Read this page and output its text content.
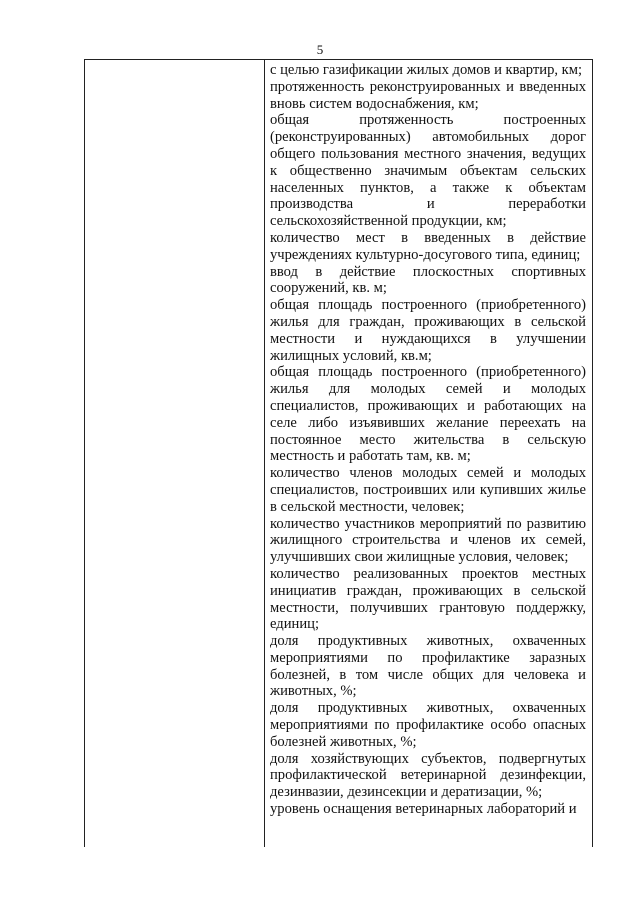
5

с целью газификации жилых домов и квартир, км;

протяженность реконструированных и введенных вновь систем водоснабжения, км;

общая протяженность построенных (реконструированных) автомобильных дорог общего пользования местного значения, ведущих к общественно значимым объектам сельских населенных пунктов, а также к объектам производства и переработки сельскохозяйственной продукции, км;

количество мест в введенных в действие учреждениях культурно-досугового типа, единиц;

ввод в действие плоскостных спортивных сооружений, кв. м;

общая площадь построенного (приобретенного) жилья для граждан, проживающих в сельской местности и нуждающихся в улучшении жилищных условий, кв.м;

общая площадь построенного (приобретенного) жилья для молодых семей и молодых специалистов, проживающих и работающих на селе либо изъявивших желание переехать на постоянное место жительства в сельскую местность и работать там, кв. м;

количество членов молодых семей и молодых специалистов, построивших или купивших жилье в сельской местности, человек;

количество участников мероприятий по развитию жилищного строительства и членов их семей, улучшивших свои жилищные условия, человек;

количество реализованных проектов местных инициатив граждан, проживающих в сельской местности, получивших грантовую поддержку, единиц;

доля продуктивных животных, охваченных мероприятиями по профилактике заразных болезней, в том числе общих для человека и животных, %;

доля продуктивных животных, охваченных мероприятиями по профилактике особо опасных болезней животных, %;

доля хозяйствующих субъектов, подвергнутых профилактической ветеринарной дезинфекции, дезинвазии, дезинсекции и дератизации, %;

уровень оснащения ветеринарных лабораторий и
